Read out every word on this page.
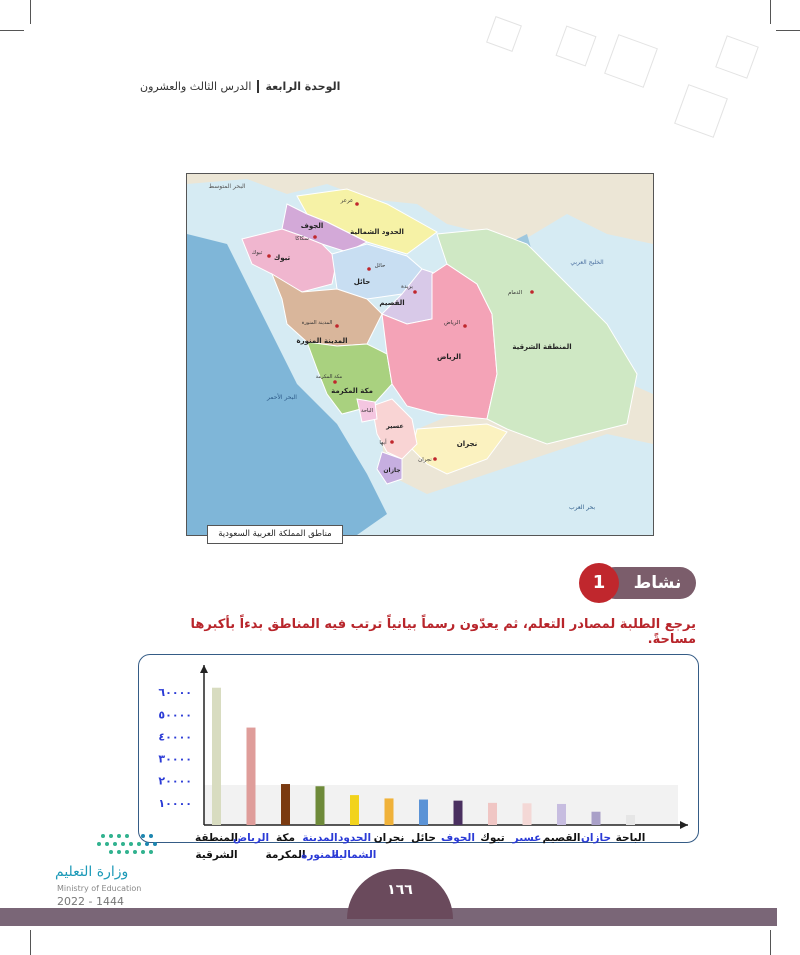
الوحدة الرابعة
الدرس الثالث والعشرون
البحر المتوسط
الخليج العربي
البحر الأحمر
بحر العرب
الحدود الشمالية
الجوف
تبوك
حائل
القصيم
المدينة المنورة
مكة المكرمة
الرياض
المنطقة الشرقية
نجران
عسير
الباحة
جازان
عرعر
سكاكا
تبوك
حائل
بريدة
المدينة المنورة
مكة المكرمة
الرياض
الدمام
أبها
نجران
مناطق المملكة العربية السعودية
نشاط
1
يرجع الطلبة لمصادر التعلم، ثم يعدّون رسماً بيانياً ترتب فيه المناطق بدءاً بأكبرها مساحةً.
١٠٠٠٠
٢٠٠٠٠
٣٠٠٠٠
٤٠٠٠٠
٥٠٠٠٠
٦٠٠٠٠
المنطقة
الشرقية
الرياض مكة
المكرمة
المدينة
المنورة
الحدود
الشمالية
نجران حائل الجوف تبوك عسير القصيم جازان الباحة
وزارة التعليم
Ministry of Education
2022 - 1444
١٦٦
